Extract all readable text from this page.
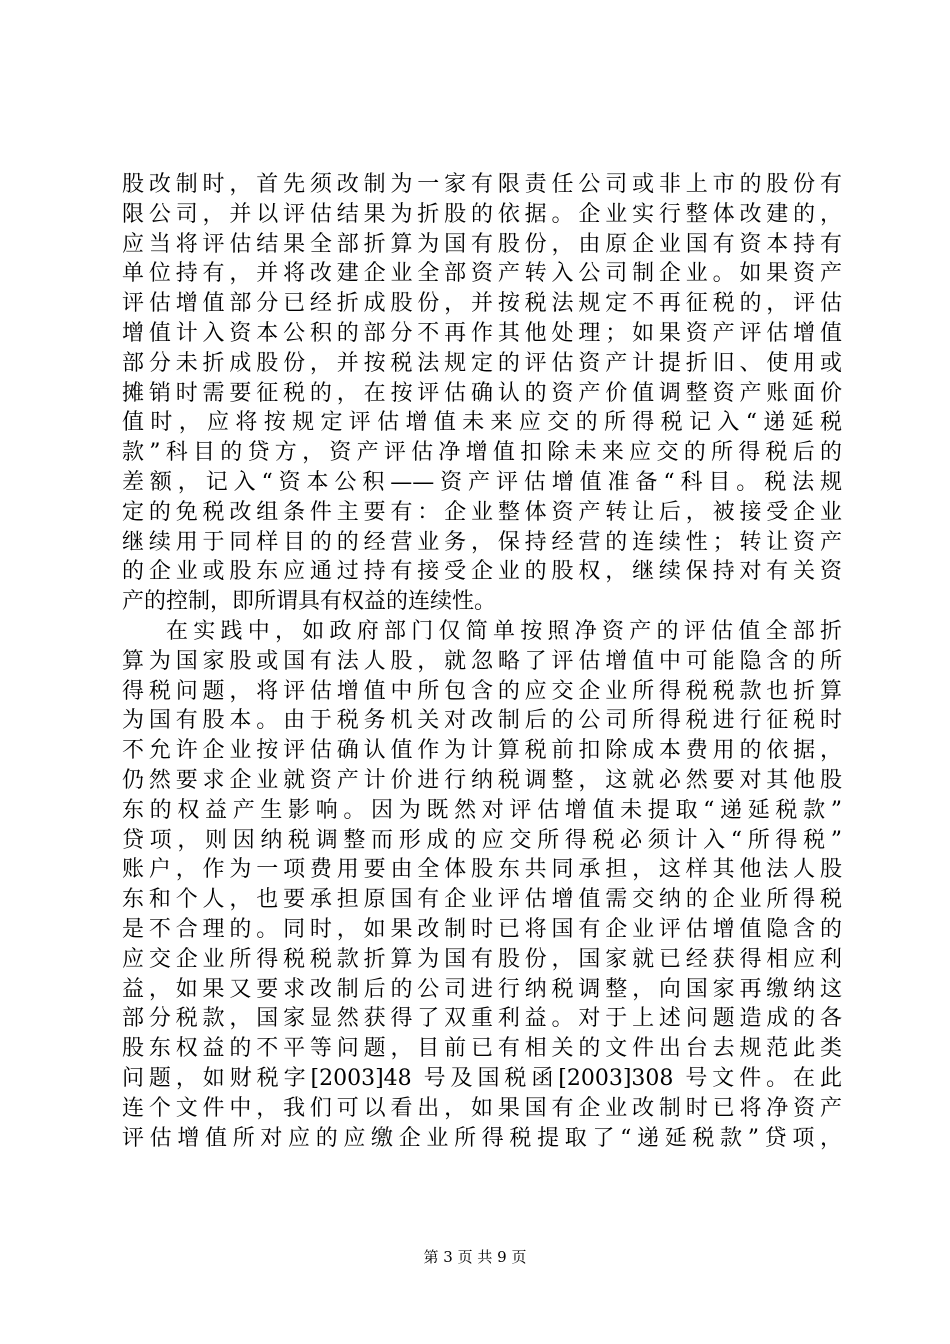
股改制时，首先须改制为一家有限责任公司或非上市的股份有
限公司，并以评估结果为折股的依据。企业实行整体改建的，
应当将评估结果全部折算为国有股份，由原企业国有资本持有
单位持有，并将改建企业全部资产转入公司制企业。如果资产
评估增值部分已经折成股份，并按税法规定不再征税的，评估
增值计入资本公积的部分不再作其他处理；如果资产评估增值
部分未折成股份，并按税法规定的评估资产计提折旧、使用或
摊销时需要征税的，在按评估确认的资产价值调整资产账面价
值时，应将按规定评估增值未来应交的所得税记入“递延税
款”科目的贷方，资产评估净增值扣除未来应交的所得税后的
差额，记入“资本公积——资产评估增值准备“科目。税法规
定的免税改组条件主要有：企业整体资产转让后，被接受企业
继续用于同样目的的经营业务，保持经营的连续性；转让资产
的企业或股东应通过持有接受企业的股权，继续保持对有关资
产的控制，即所谓具有权益的连续性。
在实践中，如政府部门仅简单按照净资产的评估值全部折
算为国家股或国有法人股，就忽略了评估增值中可能隐含的所
得税问题，将评估增值中所包含的应交企业所得税税款也折算
为国有股本。由于税务机关对改制后的公司所得税进行征税时
不允许企业按评估确认值作为计算税前扣除成本费用的依据，
仍然要求企业就资产计价进行纳税调整，这就必然要对其他股
东的权益产生影响。因为既然对评估增值未提取“递延税款”
贷项，则因纳税调整而形成的应交所得税必须计入“所得税”
账户，作为一项费用要由全体股东共同承担，这样其他法人股
东和个人，也要承担原国有企业评估增值需交纳的企业所得税
是不合理的。同时，如果改制时已将国有企业评估增值隐含的
应交企业所得税税款折算为国有股份，国家就已经获得相应利
益，如果又要求改制后的公司进行纳税调整，向国家再缴纳这
部分税款，国家显然获得了双重利益。对于上述问题造成的各
股东权益的不平等问题，目前已有相关的文件出台去规范此类
问题，如财税字[2003]48 号及国税函[2003]308 号文件。在此
连个文件中，我们可以看出，如果国有企业改制时已将净资产
评估增值所对应的应缴企业所得税提取了“递延税款”贷项，
第 3 页 共 9 页
